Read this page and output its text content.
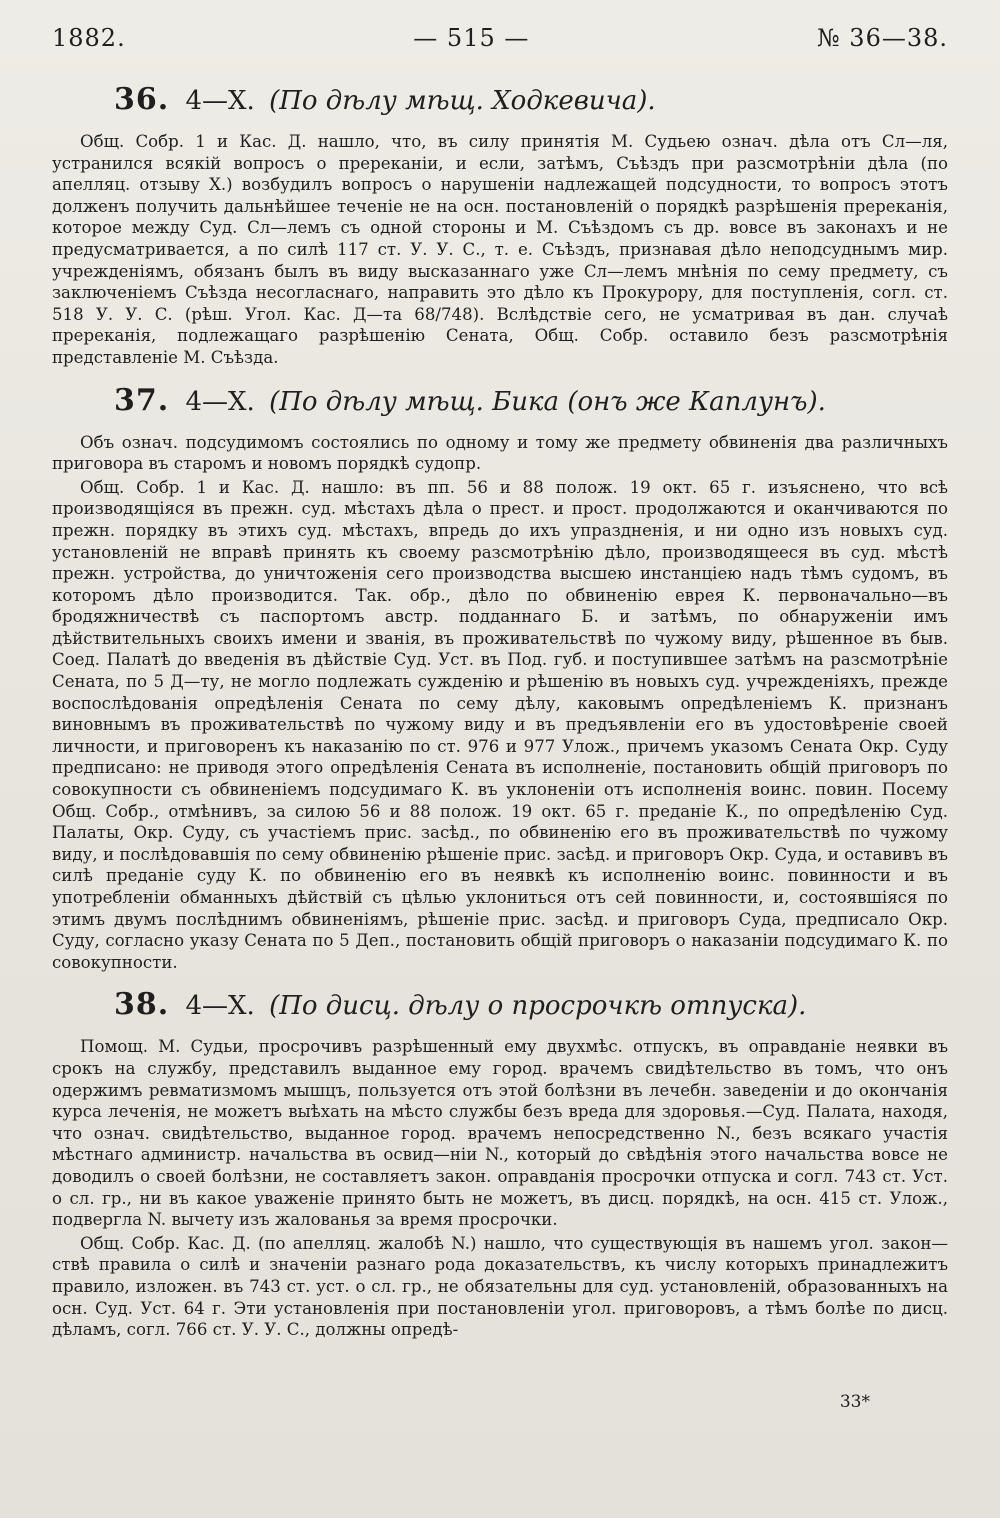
1882.	— 515 —	№ 36—38.
36. 4—X. (По дѣлу мѣщ. Ходкевича).

Общ. Собр. 1 и Кас. Д. нашло, что, въ силу принятія М. Судьею означ. дѣла отъ Сл—ля, устранился всякій вопросъ о пререканіи, и если, затѣмъ, Съѣздъ при разсмотрѣніи дѣла (по апелляц. отзыву Х.) возбудилъ вопросъ о нарушеніи надлежащей подсудности, то вопросъ этотъ долженъ получить дальнѣйшее теченіе не на осн. постановленій о порядкѣ разрѣшенія пререканія, которое между Суд. Сл—лемъ съ одной стороны и М. Съѣздомъ съ др. вовсе въ законахъ и не предусматривается, а по силѣ 117 ст. У. У. С., т. е. Съѣздъ, признавая дѣло неподсуднымъ мир. учрежденіямъ, обязанъ былъ въ виду высказаннагo уже Сл—лемъ мнѣнія по сему предмету, съ заключеніемъ Съѣзда несогласнаго, направить это дѣло къ Прокурору, для поступленія, согл. ст. 518 У. У. С. (рѣш. Угол. Кас. Д—та 68/748). Вслѣдствіе сего, не усматривая въ дан. случаѣ пререканія, подлежащаго разрѣшенію Сената, Общ. Собр. оставило безъ разсмотрѣнія представленіе М. Съѣзда.

37. 4—X. (По дѣлу мѣщ. Бика (онъ же Каплунъ).

Объ означ. подсудимомъ состоялись по одному и тому же предмету обвиненія два различныхъ приговора въ старомъ и новомъ порядкѣ судопр.

Общ. Собр. 1 и Кас. Д. нашло: въ пп. 56 и 88 полож. 19 окт. 65 г. изъяснено, что всѣ производящіяся въ прежн. суд. мѣстахъ дѣла о прест. и прост. продолжаются и оканчиваются по прежн. порядку въ этихъ суд. мѣстахъ, впредь до ихъ упраздненія, и ни одно изъ новыхъ суд. установленій не вправѣ принять къ своему разсмотрѣнію дѣло, производящееся въ суд. мѣстѣ прежн. устройства, до уничтоженія сего производства высшею инстанціею надъ тѣмъ судомъ, въ которомъ дѣло производится. Так. обр., дѣло по обвиненію еврея К. первоначально—въ бродяжничествѣ съ паспортомъ австр. подданнаго Б. и затѣмъ, по обнаруженіи имъ дѣйствительныхъ своихъ имени и званія, въ проживательствѣ по чужому виду, рѣшенное въ быв. Соед. Палатѣ до введенія въ дѣйствіе Суд. Уст. въ Под. губ. и поступившее затѣмъ на разсмотрѣніе Сената, по 5 Д—ту, не могло подлежать сужденію и рѣшенію въ новыхъ суд. учрежденіяхъ, прежде воспослѣдованія опредѣленія Сената по сему дѣлу, каковымъ опредѣленіемъ К. признанъ виновнымъ въ проживательствѣ по чужому виду и въ предъявленіи его въ удостовѣреніе своей личности, и приговоренъ къ наказанію по ст. 976 и 977 Улож., причемъ указомъ Сената Окр. Суду предписано: не приводя этого опредѣленія Сената въ исполненіе, постановить общій приговоръ по совокупности съ обвиненіемъ подсудимаго К. въ уклоненіи отъ исполненія воинс. повин. Посему Общ. Собр., отмѣнивъ, за силою 56 и 88 полож. 19 окт. 65 г. преданіе К., по опредѣленію Суд. Палаты, Окр. Суду, съ участіемъ прис. засѣд., по обвиненію его въ проживательствѣ по чужому виду, и послѣдовавшія по сему обвиненію рѣшеніе прис. засѣд. и приговоръ Окр. Суда, и оставивъ въ силѣ преданіе суду К. по обвиненію его въ неявкѣ къ исполненію воинс. повинности и въ употребленіи обманныхъ дѣйствій съ цѣлью уклониться отъ сей повинности, и, состоявшіяся по этимъ двумъ послѣднимъ обвиненіямъ, рѣшеніе прис. засѣд. и приговоръ Суда, предписало Окр. Суду, согласно указу Сената по 5 Деп., постановить общій приговоръ о наказаніи подсудимаго К. по совокупности.

38. 4—X. (По дисц. дѣлу о просрочкѣ отпуска).

Помощ. М. Судьи, просрочивъ разрѣшенный ему двухмѣс. отпускъ, въ оправданіе неявки въ срокъ на службу, представилъ выданное ему город. врачемъ свидѣтельство въ томъ, что онъ одержимъ ревматизмомъ мышцъ, пользуется отъ этой болѣзни въ лечебн. заведеніи и до окончанія курса леченія, не можетъ выѣхать на мѣсто службы безъ вреда для здоровья.—Суд. Палата, находя, что означ. свидѣтельство, выданное город. врачемъ непосредственно N., безъ всякаго участія мѣстнаго администр. начальства въ освид—ніи N., который до свѣдѣнія этого начальства вовсе не доводилъ о своей болѣзни, не составляетъ закон. оправданія просрочки отпуска и согл. 743 ст. Уст. о сл. гр., ни въ какое уваженіе принято быть не можетъ, въ дисц. порядкѣ, на осн. 415 ст. Улож., подвергла N. вычету изъ жалованья за время просрочки.

Общ. Собр. Кас. Д. (по апелляц. жалобѣ N.) нашло, что существующія въ нашемъ угол. закон—ствѣ правила о силѣ и значеніи разнаго рода доказательствъ, къ числу которыхъ принадлежитъ правило, изложен. въ 743 ст. уст. о сл. гр., не обязательны для суд. установленій, образованныхъ на осн. Суд. Уст. 64 г. Эти установленія при постановленіи угол. приговоровъ, а тѣмъ болѣе по дисц. дѣламъ, согл. 766 ст. У. У. С., должны опредѣ-

33*
